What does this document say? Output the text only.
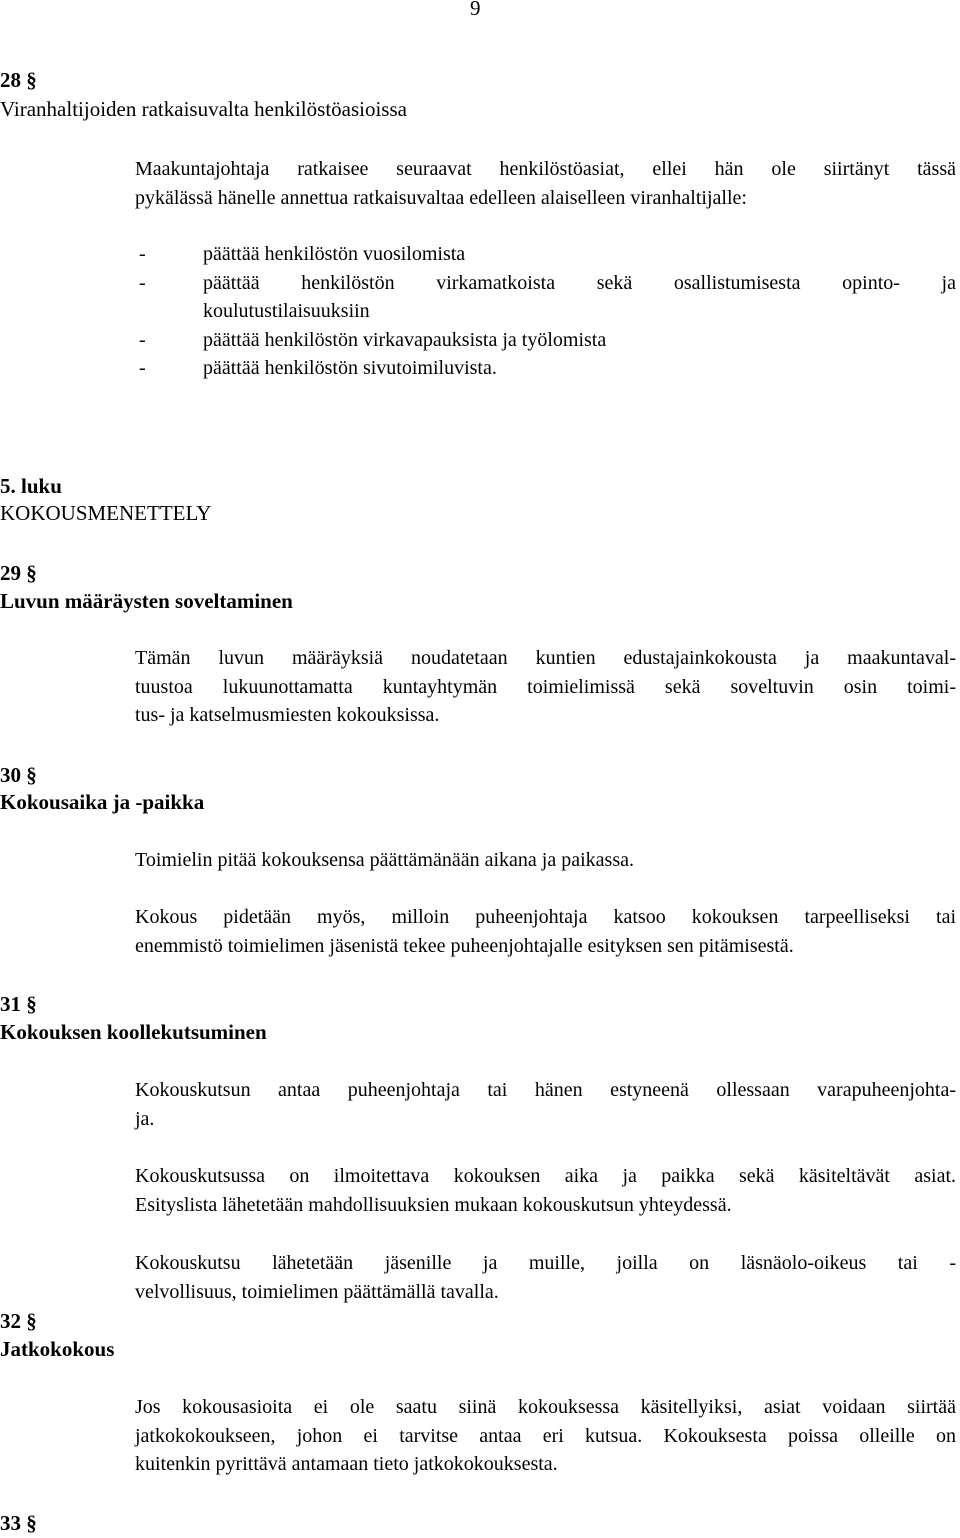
9
28 §
Viranhaltijoiden ratkaisuvalta henkilöstöasioissa
Maakuntajohtaja ratkaisee seuraavat henkilöstöasiat, ellei hän ole siirtänyt tässä
pykälässä hänelle annettua ratkaisuvaltaa edelleen alaiselleen viranhaltijalle:
-	päättää henkilöstön vuosilomista
-	päättää henkilöstön virkamatkoista sekä osallistumisesta opinto- ja
koulutustilaisuuksiin
-	päättää henkilöstön virkavapauksista ja työlomista
-	päättää henkilöstön sivutoimiluvista.
5. luku
KOKOUSMENETTELY
29 §
Luvun määräysten soveltaminen
Tämän luvun määräyksiä noudatetaan kuntien edustajainkokousta ja maakuntaval-
tuustoa lukuunottamatta kuntayhtymän toimielimissä sekä soveltuvin osin toimi-
tus- ja katselmusmiesten kokouksissa.
30 §
Kokousaika ja -paikka
Toimielin pitää kokouksensa päättämänään aikana ja paikassa.
Kokous pidetään myös, milloin puheenjohtaja katsoo kokouksen tarpeelliseksi tai
enemmistö toimielimen jäsenistä tekee puheenjohtajalle esityksen sen pitämisestä.
31 §
Kokouksen koollekutsuminen
Kokouskutsun antaa puheenjohtaja tai hänen estyneenä ollessaan varapuheenjohta-
ja.
Kokouskutsussa on ilmoitettava kokouksen aika ja paikka sekä käsiteltävät asiat.
Esityslista lähetetään mahdollisuuksien mukaan kokouskutsun yhteydessä.
Kokouskutsu lähetetään jäsenille ja muille, joilla on läsnäolo-oikeus tai -
velvollisuus, toimielimen päättämällä tavalla.
32 §
Jatkokokous
Jos kokousasioita ei ole saatu siinä kokouksessa käsitellyiksi, asiat voidaan siirtää
jatkokokoukseen, johon ei tarvitse antaa eri kutsua. Kokouksesta poissa olleille on
kuitenkin pyrittävä antamaan tieto jatkokokouksesta.
33 §
